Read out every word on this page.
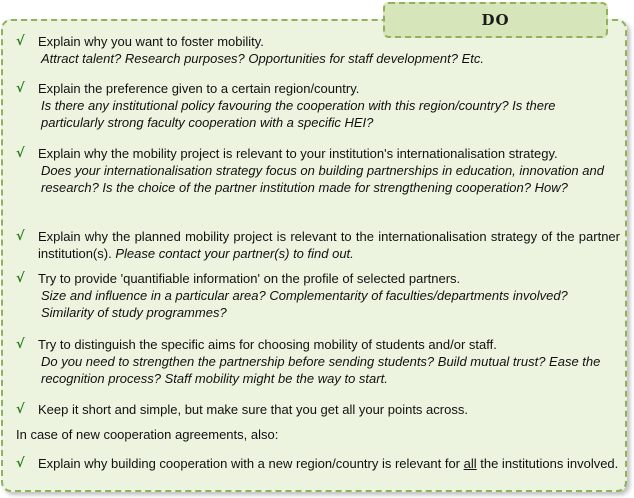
DO
√ Explain why you want to foster mobility.
Attract talent? Research purposes? Opportunities for staff development? Etc.
√ Explain the preference given to a certain region/country.
Is there any institutional policy favouring the cooperation with this region/country? Is there particularly strong faculty cooperation with a specific HEI?
√ Explain why the mobility project is relevant to your institution's internationalisation strategy.
Does your internationalisation strategy focus on building partnerships in education, innovation and research? Is the choice of the partner institution made for strengthening cooperation? How?
√ Explain why the planned mobility project is relevant to the internationalisation strategy of the partner institution(s). Please contact your partner(s) to find out.
√ Try to provide 'quantifiable information' on the profile of selected partners.
Size and influence in a particular area? Complementarity of faculties/departments involved? Similarity of study programmes?
√ Try to distinguish the specific aims for choosing mobility of students and/or staff.
Do you need to strengthen the partnership before sending students? Build mutual trust? Ease the recognition process? Staff mobility might be the way to start.
√ Keep it short and simple, but make sure that you get all your points across.
In case of new cooperation agreements, also:
√ Explain why building cooperation with a new region/country is relevant for all the institutions involved.
